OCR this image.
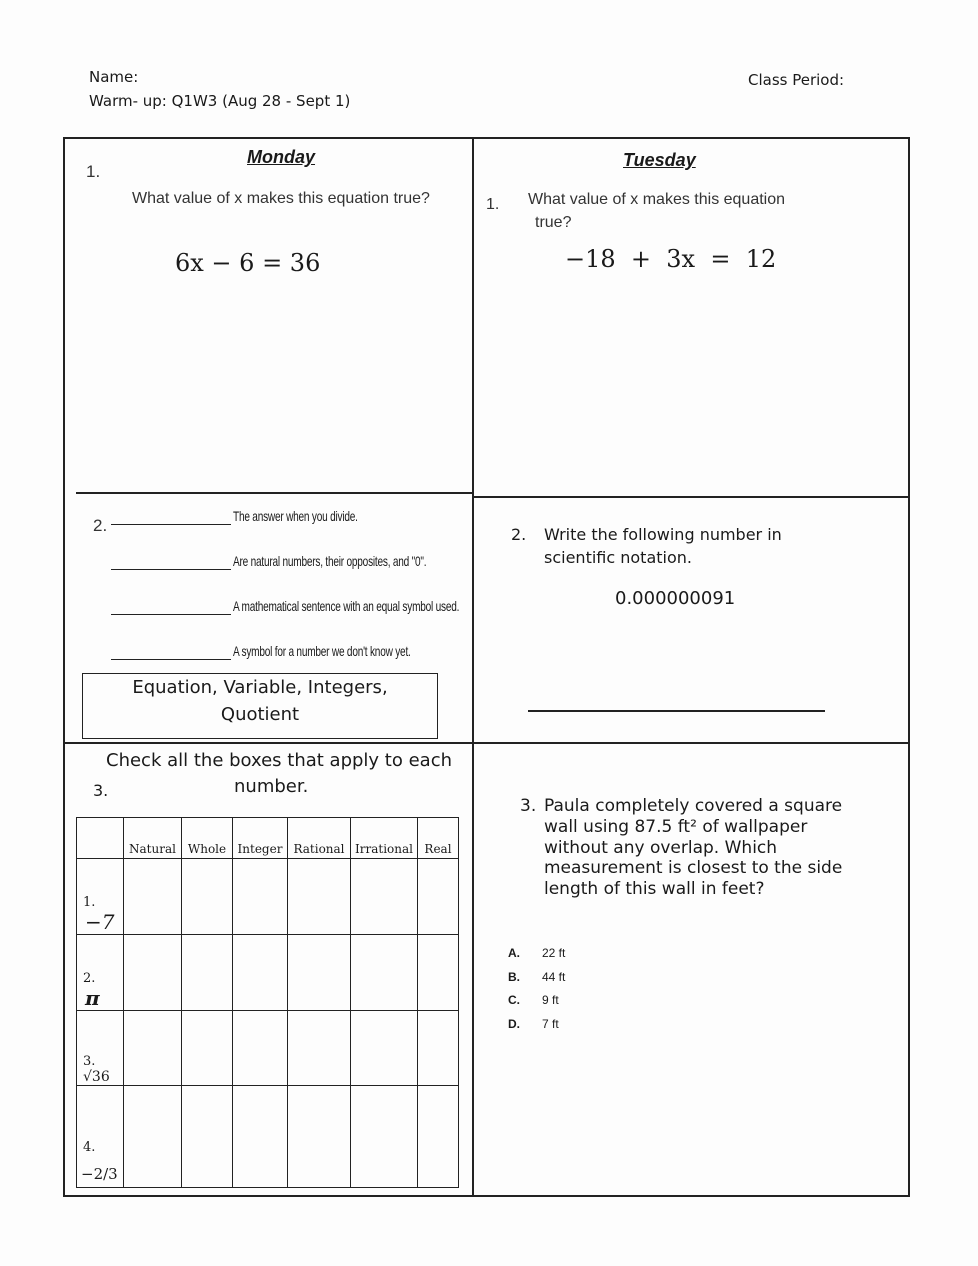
Name:
Warm- up: Q1W3 (Aug 28 - Sept 1)
Class Period:
Monday
1.
What value of x makes this equation true?
6x − 6 = 36
2.	The answer when you divide.
Are natural numbers, their opposites, and "0".
A mathematical sentence with an equal symbol used.
A symbol for a number we don't know yet.
Equation, Variable, Integers,
Quotient
Check all the boxes that apply to each
3.	number.
	Natural	Whole	Integer	Rational	Irrational	Real

1.
−7						

2.
π						

3.
√36						

4.
−2/3						

Tuesday
1. What value of x makes this equation
true?
−18  +  3x  =  12
2. Write the following number in
scientific notation.
0.000000091
3. Paula completely covered a square
wall using 87.5 ft² of wallpaper
without any overlap. Which
measurement is closest to the side
length of this wall in feet?
A. 22 ft
B. 44 ft
C. 9 ft
D. 7 ft
